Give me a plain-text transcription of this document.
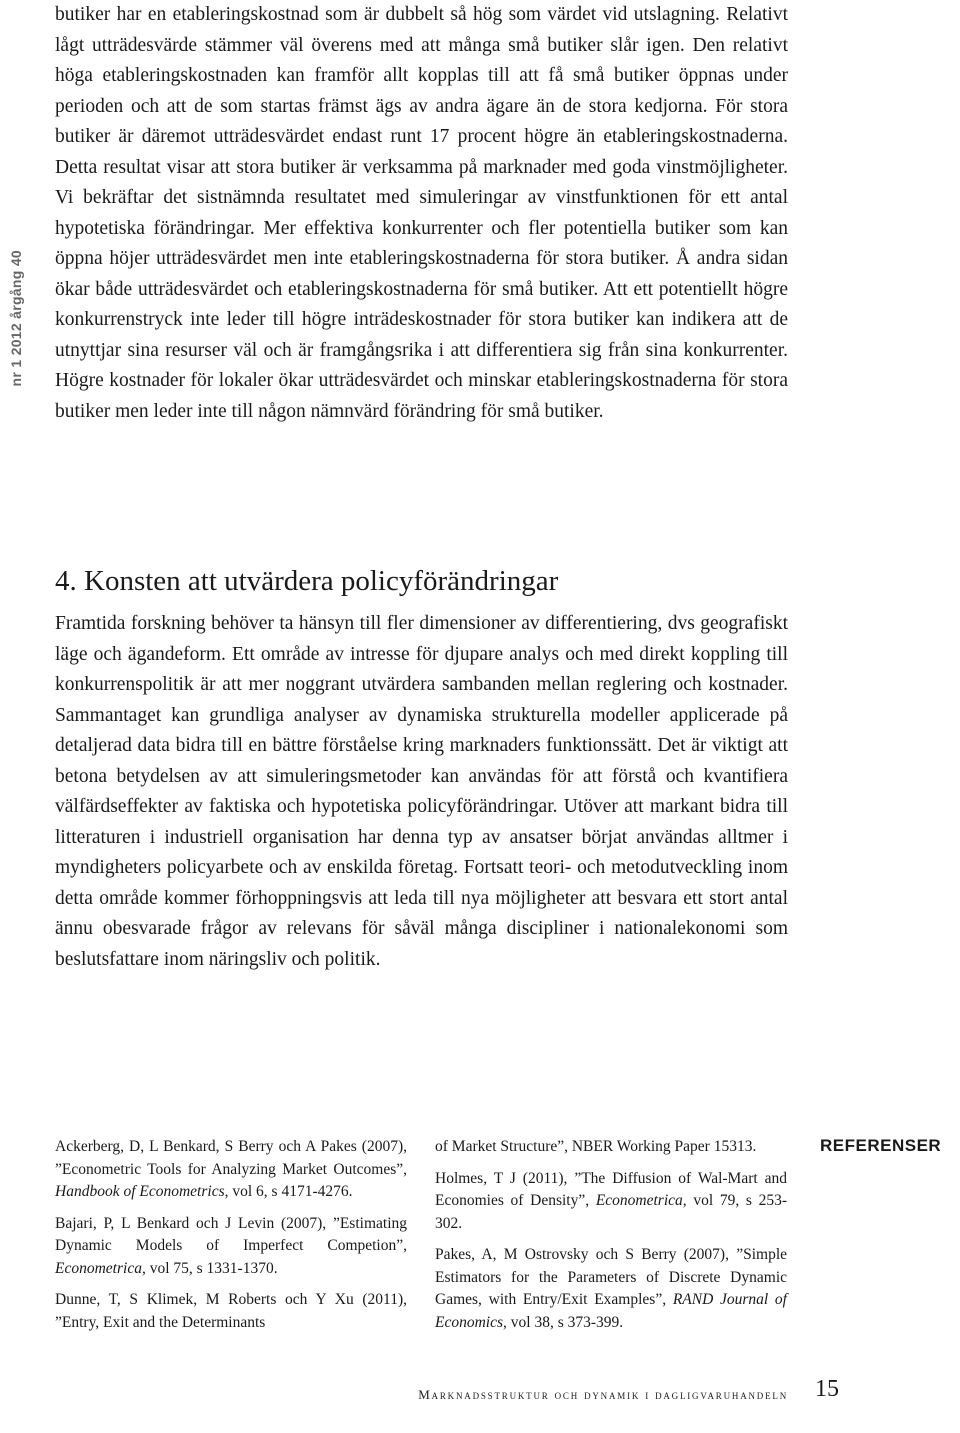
nr 1 2012 årgång 40

butiker har en etableringskostnad som är dubbelt så hög som värdet vid utslagning. Relativt lågt utträdesvärde stämmer väl överens med att många små butiker slår igen. Den relativt höga etableringskostnaden kan framför allt kopplas till att få små butiker öppnas under perioden och att de som startas främst ägs av andra ägare än de stora kedjorna. För stora butiker är däremot utträdesvärdet endast runt 17 procent högre än etableringskostnaderna. Detta resultat visar att stora butiker är verksamma på marknader med goda vinstmöjligheter. Vi bekräftar det sistnämnda resultatet med simuleringar av vinstfunktionen för ett antal hypotetiska förändringar. Mer effektiva konkurrenter och fler potentiella butiker som kan öppna höjer utträdesvärdet men inte etableringskostnaderna för stora butiker. Å andra sidan ökar både utträdesvärdet och etableringskostnaderna för små butiker. Att ett potentiellt högre konkurrenstryck inte leder till högre inträdeskostnader för stora butiker kan indikera att de utnyttjar sina resurser väl och är framgångsrika i att differentiera sig från sina konkurrenter. Högre kostnader för lokaler ökar utträdesvärdet och minskar etableringskostnaderna för stora butiker men leder inte till någon nämnvärd förändring för små butiker.

4. Konsten att utvärdera policyförändringar

Framtida forskning behöver ta hänsyn till fler dimensioner av differentiering, dvs geografiskt läge och ägandeform. Ett område av intresse för djupare analys och med direkt koppling till konkurrenspolitik är att mer noggrant utvärdera sambanden mellan reglering och kostnader. Sammantaget kan grundliga analyser av dynamiska strukturella modeller applicerade på detaljerad data bidra till en bättre förståelse kring marknaders funktionssätt. Det är viktigt att betona betydelsen av att simuleringsmetoder kan användas för att förstå och kvantifiera välfärdseffekter av faktiska och hypotetiska policyförändringar. Utöver att markant bidra till litteraturen i industriell organisation har denna typ av ansatser börjat användas alltmer i myndigheters policyarbete och av enskilda företag. Fortsatt teori- och metodutveckling inom detta område kommer förhoppningsvis att leda till nya möjligheter att besvara ett stort antal ännu obesvarade frågor av relevans för såväl många discipliner i nationalekonomi som beslutsfattare inom näringsliv och politik.

Ackerberg, D, L Benkard, S Berry och A Pakes (2007), ”Econometric Tools for Analyzing Market Outcomes”, Handbook of Econometrics, vol 6, s 4171-4276.

Bajari, P, L Benkard och J Levin (2007), ”Estimating Dynamic Models of Imperfect Competion”, Econometrica, vol 75, s 1331-1370.

Dunne, T, S Klimek, M Roberts och Y Xu (2011), ”Entry, Exit and the Determinants

of Market Structure”, NBER Working Paper 15313.

Holmes, T J (2011), ”The Diffusion of Wal-Mart and Economies of Density”, Econometrica, vol 79, s 253-302.

Pakes, A, M Ostrovsky och S Berry (2007), ”Simple Estimators for the Parameters of Discrete Dynamic Games, with Entry/Exit Examples”, RAND Journal of Economics, vol 38, s 373-399.

REFERENSER
Marknadsstruktur och dynamik i dagligvaruhandeln 15
